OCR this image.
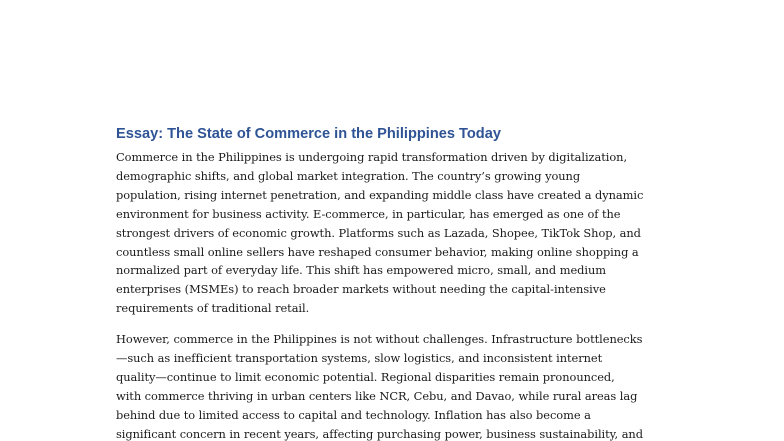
Essay: The State of Commerce in the Philippines Today

Commerce in the Philippines is undergoing rapid transformation driven by digitalization,
demographic shifts, and global market integration. The country’s growing young
population, rising internet penetration, and expanding middle class have created a dynamic
environment for business activity. E-commerce, in particular, has emerged as one of the
strongest drivers of economic growth. Platforms such as Lazada, Shopee, TikTok Shop, and
countless small online sellers have reshaped consumer behavior, making online shopping a
normalized part of everyday life. This shift has empowered micro, small, and medium
enterprises (MSMEs) to reach broader markets without needing the capital-intensive
requirements of traditional retail.

However, commerce in the Philippines is not without challenges. Infrastructure bottlenecks
—such as inefficient transportation systems, slow logistics, and inconsistent internet
quality—continue to limit economic potential. Regional disparities remain pronounced,
with commerce thriving in urban centers like NCR, Cebu, and Davao, while rural areas lag
behind due to limited access to capital and technology. Inflation has also become a
significant concern in recent years, affecting purchasing power, business sustainability, and
